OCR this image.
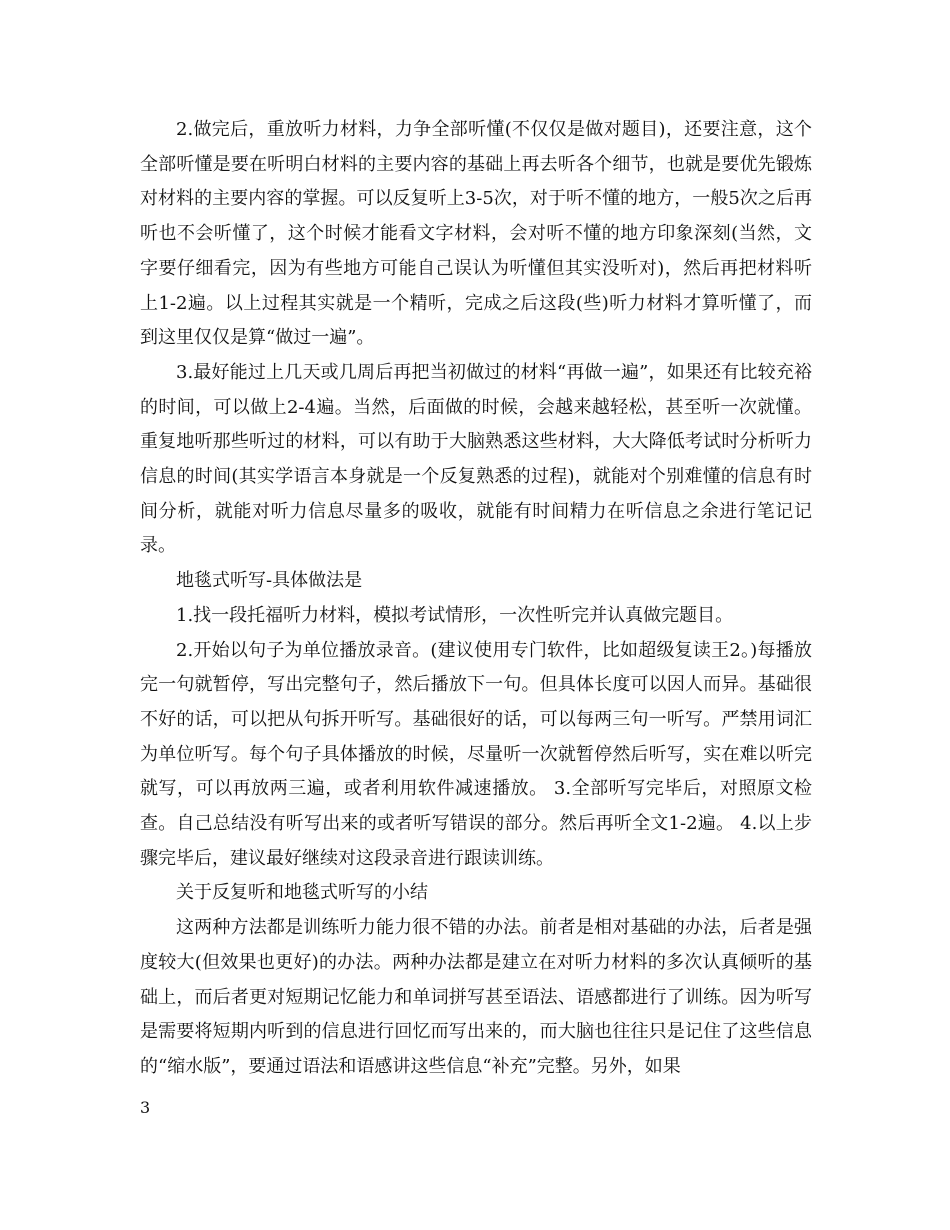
2.做完后，重放听力材料，力争全部听懂(不仅仅是做对题目)，还要注意，这个全部听懂是要在听明白材料的主要内容的基础上再去听各个细节，也就是要优先锻炼对材料的主要内容的掌握。可以反复听上3-5次，对于听不懂的地方，一般5次之后再听也不会听懂了，这个时候才能看文字材料，会对听不懂的地方印象深刻(当然，文字要仔细看完，因为有些地方可能自己误认为听懂但其实没听对)，然后再把材料听上1-2遍。以上过程其实就是一个精听，完成之后这段(些)听力材料才算听懂了，而到这里仅仅是算“做过一遍”。

3.最好能过上几天或几周后再把当初做过的材料“再做一遍”，如果还有比较充裕的时间，可以做上2-4遍。当然，后面做的时候，会越来越轻松，甚至听一次就懂。重复地听那些听过的材料，可以有助于大脑熟悉这些材料，大大降低考试时分析听力信息的时间(其实学语言本身就是一个反复熟悉的过程)，就能对个别难懂的信息有时间分析，就能对听力信息尽量多的吸收，就能有时间精力在听信息之余进行笔记记录。

地毯式听写-具体做法是

1.找一段托福听力材料，模拟考试情形，一次性听完并认真做完题目。

2.开始以句子为单位播放录音。(建议使用专门软件，比如超级复读王2。)每播放完一句就暂停，写出完整句子，然后播放下一句。但具体长度可以因人而异。基础很不好的话，可以把从句拆开听写。基础很好的话，可以每两三句一听写。严禁用词汇为单位听写。每个句子具体播放的时候，尽量听一次就暂停然后听写，实在难以听完就写，可以再放两三遍，或者利用软件减速播放。 3.全部听写完毕后，对照原文检查。自己总结没有听写出来的或者听写错误的部分。然后再听全文1-2遍。 4.以上步骤完毕后，建议最好继续对这段录音进行跟读训练。

关于反复听和地毯式听写的小结

这两种方法都是训练听力能力很不错的办法。前者是相对基础的办法，后者是强度较大(但效果也更好)的办法。两种办法都是建立在对听力材料的多次认真倾听的基础上，而后者更对短期记忆能力和单词拼写甚至语法、语感都进行了训练。因为听写是需要将短期内听到的信息进行回忆而写出来的，而大脑也往往只是记住了这些信息的“缩水版”，要通过语法和语感讲这些信息“补充”完整。另外，如果

3
